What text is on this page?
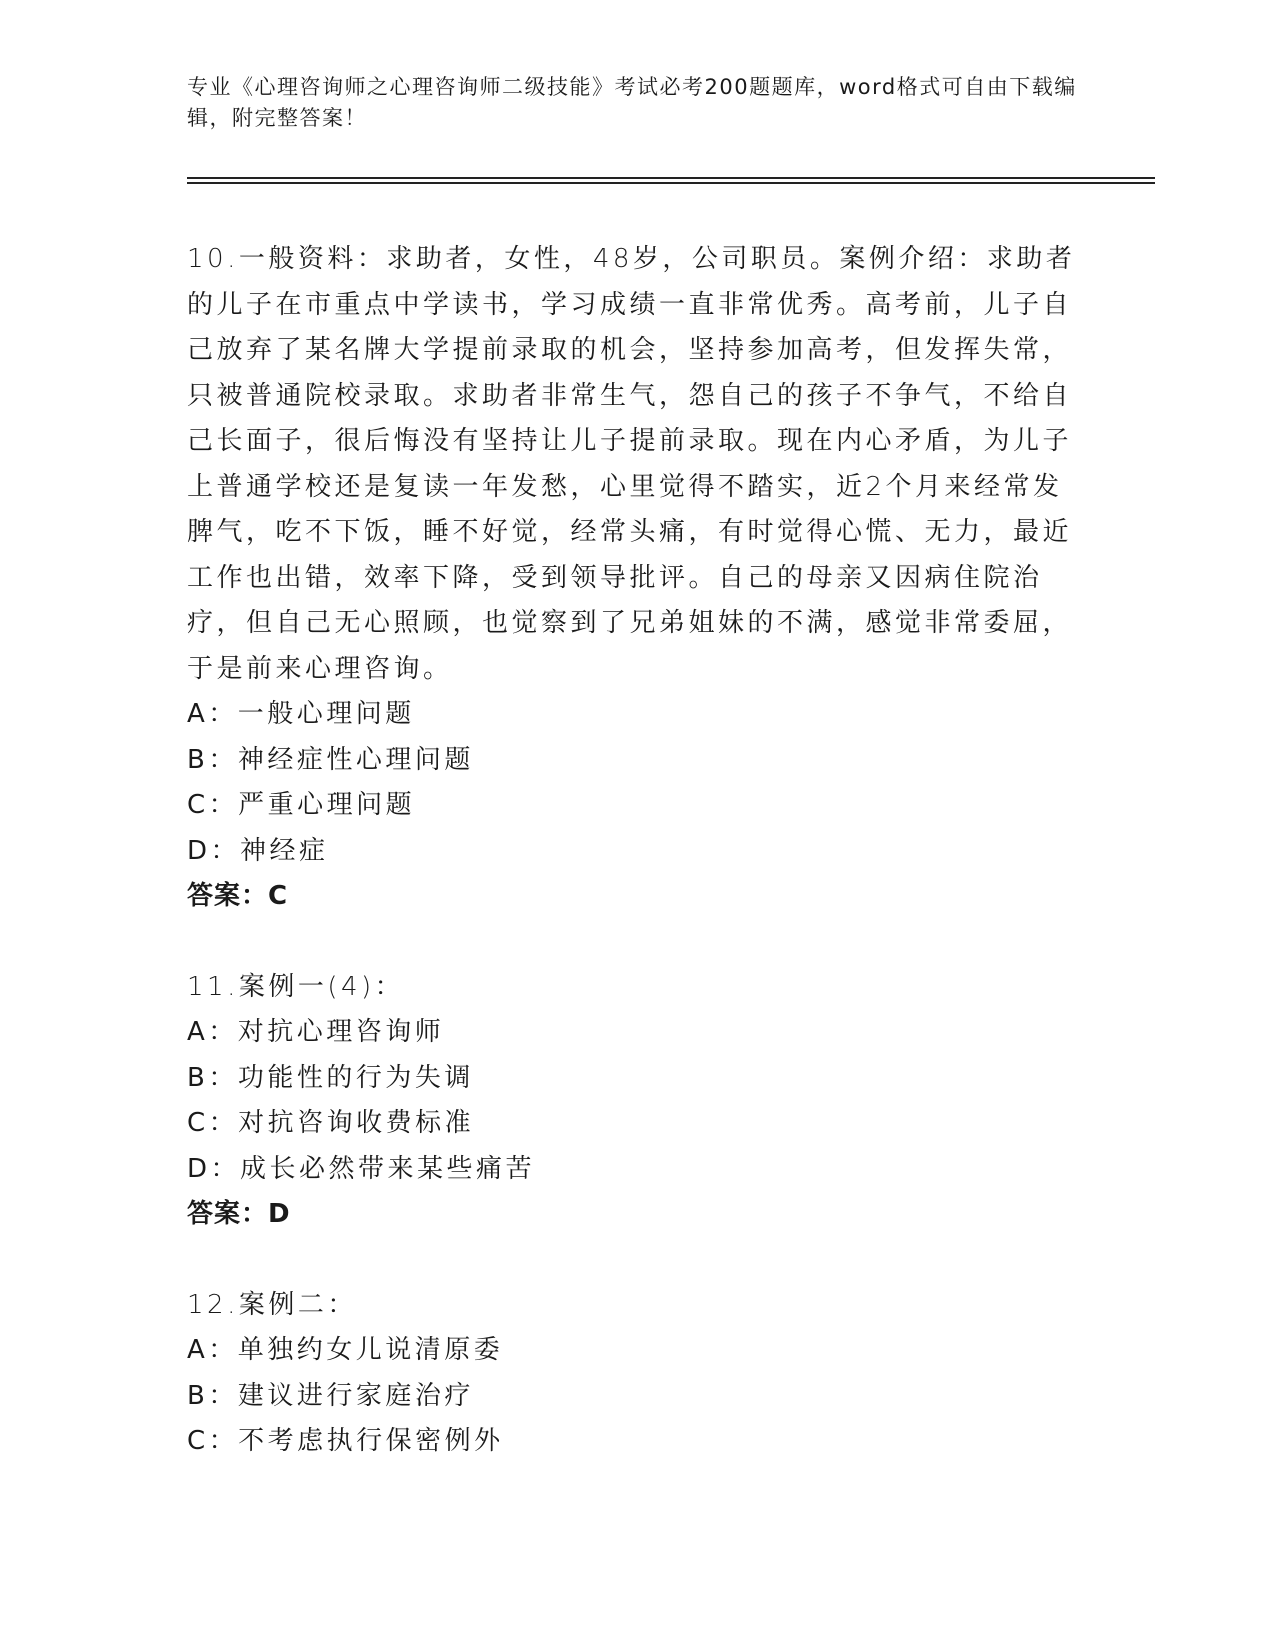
专业《心理咨询师之心理咨询师二级技能》考试必考200题题库，word格式可自由下载编辑，附完整答案！
10.一般资料：求助者，女性，48岁，公司职员。案例介绍：求助者的儿子在市重点中学读书，学习成绩一直非常优秀。高考前，儿子自己放弃了某名牌大学提前录取的机会，坚持参加高考，但发挥失常，只被普通院校录取。求助者非常生气，怨自己的孩子不争气，不给自己长面子，很后悔没有坚持让儿子提前录取。现在内心矛盾，为儿子上普通学校还是复读一年发愁，心里觉得不踏实，近2个月来经常发脾气，吃不下饭，睡不好觉，经常头痛，有时觉得心慌、无力，最近工作也出错，效率下降，受到领导批评。自己的母亲又因病住院治疗，但自己无心照顾，也觉察到了兄弟姐妹的不满，感觉非常委屈，于是前来心理咨询。
A：一般心理问题
B：神经症性心理问题
C：严重心理问题
D：神经症
答案：C
11.案例一(4)：
A：对抗心理咨询师
B：功能性的行为失调
C：对抗咨询收费标准
D：成长必然带来某些痛苦
答案：D
12.案例二：
A：单独约女儿说清原委
B：建议进行家庭治疗
C：不考虑执行保密例外
